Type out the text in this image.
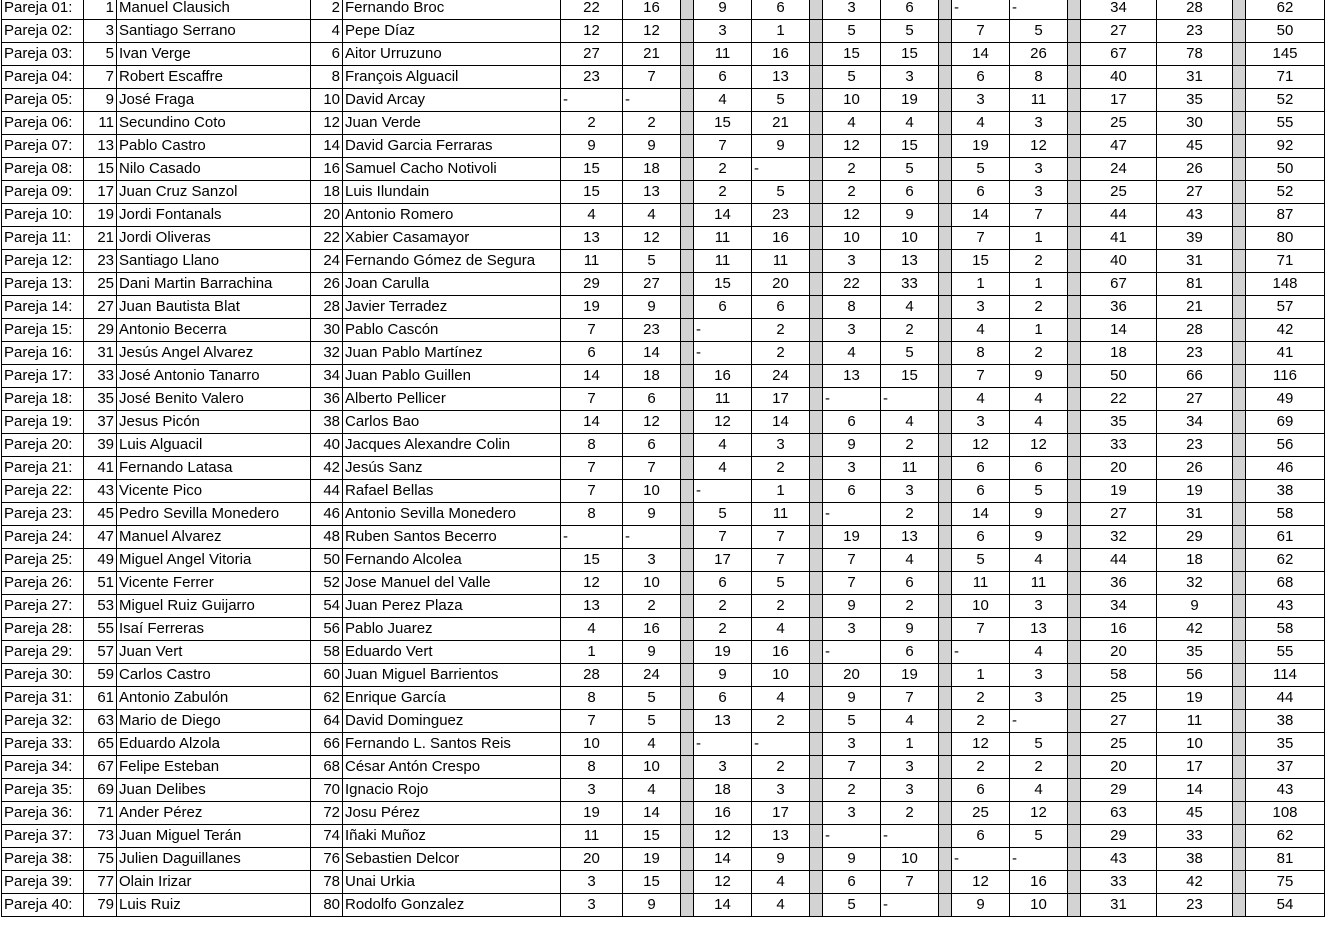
Pareja 01:	1	Manuel Clausich	2	Fernando Broc	22	16		9	6		3	6		-	-		34	28		62
Pareja 02:	3	Santiago Serrano	4	Pepe Díaz	12	12		3	1		5	5		7	5		27	23		50
Pareja 03:	5	Ivan Verge	6	Aitor Urruzuno	27	21		11	16		15	15		14	26		67	78		145
Pareja 04:	7	Robert Escaffre	8	François Alguacil	23	7		6	13		5	3		6	8		40	31		71
Pareja 05:	9	José Fraga	10	David Arcay	-	-		4	5		10	19		3	11		17	35		52
Pareja 06:	11	Secundino Coto	12	Juan Verde	2	2		15	21		4	4		4	3		25	30		55
Pareja 07:	13	Pablo Castro	14	David Garcia Ferraras	9	9		7	9		12	15		19	12		47	45		92
Pareja 08:	15	Nilo Casado	16	Samuel Cacho Notivoli	15	18		2	-		2	5		5	3		24	26		50
Pareja 09:	17	Juan Cruz Sanzol	18	Luis Ilundain	15	13		2	5		2	6		6	3		25	27		52
Pareja 10:	19	Jordi Fontanals	20	Antonio Romero	4	4		14	23		12	9		14	7		44	43		87
Pareja 11:	21	Jordi Oliveras	22	Xabier Casamayor	13	12		11	16		10	10		7	1		41	39		80
Pareja 12:	23	Santiago Llano	24	Fernando Gómez de Segura	11	5		11	11		3	13		15	2		40	31		71
Pareja 13:	25	Dani Martin Barrachina	26	Joan Carulla	29	27		15	20		22	33		1	1		67	81		148
Pareja 14:	27	Juan Bautista Blat	28	Javier Terradez	19	9		6	6		8	4		3	2		36	21		57
Pareja 15:	29	Antonio Becerra	30	Pablo Cascón	7	23		-	2		3	2		4	1		14	28		42
Pareja 16:	31	Jesús Angel Alvarez	32	Juan Pablo Martínez	6	14		-	2		4	5		8	2		18	23		41
Pareja 17:	33	José Antonio Tanarro	34	Juan Pablo Guillen	14	18		16	24		13	15		7	9		50	66		116
Pareja 18:	35	José Benito Valero	36	Alberto Pellicer	7	6		11	17		-	-		4	4		22	27		49
Pareja 19:	37	Jesus Picón	38	Carlos Bao	14	12		12	14		6	4		3	4		35	34		69
Pareja 20:	39	Luis Alguacil	40	Jacques Alexandre Colin	8	6		4	3		9	2		12	12		33	23		56
Pareja 21:	41	Fernando Latasa	42	Jesús Sanz	7	7		4	2		3	11		6	6		20	26		46
Pareja 22:	43	Vicente Pico	44	Rafael Bellas	7	10		-	1		6	3		6	5		19	19		38
Pareja 23:	45	Pedro Sevilla Monedero	46	Antonio Sevilla Monedero	8	9		5	11		-	2		14	9		27	31		58
Pareja 24:	47	Manuel Alvarez	48	Ruben Santos Becerro	-	-		7	7		19	13		6	9		32	29		61
Pareja 25:	49	Miguel Angel Vitoria	50	Fernando Alcolea	15	3		17	7		7	4		5	4		44	18		62
Pareja 26:	51	Vicente Ferrer	52	Jose Manuel del Valle	12	10		6	5		7	6		11	11		36	32		68
Pareja 27:	53	Miguel Ruiz Guijarro	54	Juan Perez Plaza	13	2		2	2		9	2		10	3		34	9		43
Pareja 28:	55	Isaí Ferreras	56	Pablo Juarez	4	16		2	4		3	9		7	13		16	42		58
Pareja 29:	57	Juan Vert	58	Eduardo Vert	1	9		19	16		-	6		-	4		20	35		55
Pareja 30:	59	Carlos Castro	60	Juan Miguel Barrientos	28	24		9	10		20	19		1	3		58	56		114
Pareja 31:	61	Antonio Zabulón	62	Enrique García	8	5		6	4		9	7		2	3		25	19		44
Pareja 32:	63	Mario de Diego	64	David Dominguez	7	5		13	2		5	4		2	-		27	11		38
Pareja 33:	65	Eduardo Alzola	66	Fernando L. Santos Reis	10	4		-	-		3	1		12	5		25	10		35
Pareja 34:	67	Felipe Esteban	68	César Antón Crespo	8	10		3	2		7	3		2	2		20	17		37
Pareja 35:	69	Juan Delibes	70	Ignacio Rojo	3	4		18	3		2	3		6	4		29	14		43
Pareja 36:	71	Ander Pérez	72	Josu Pérez	19	14		16	17		3	2		25	12		63	45		108
Pareja 37:	73	Juan Miguel Terán	74	Iñaki Muñoz	11	15		12	13		-	-		6	5		29	33		62
Pareja 38:	75	Julien Daguillanes	76	Sebastien Delcor	20	19		14	9		9	10		-	-		43	38		81
Pareja 39:	77	Olain Irizar	78	Unai Urkia	3	15		12	4		6	7		12	16		33	42		75
Pareja 40:	79	Luis Ruiz	80	Rodolfo Gonzalez	3	9		14	4		5	-		9	10		31	23		54
